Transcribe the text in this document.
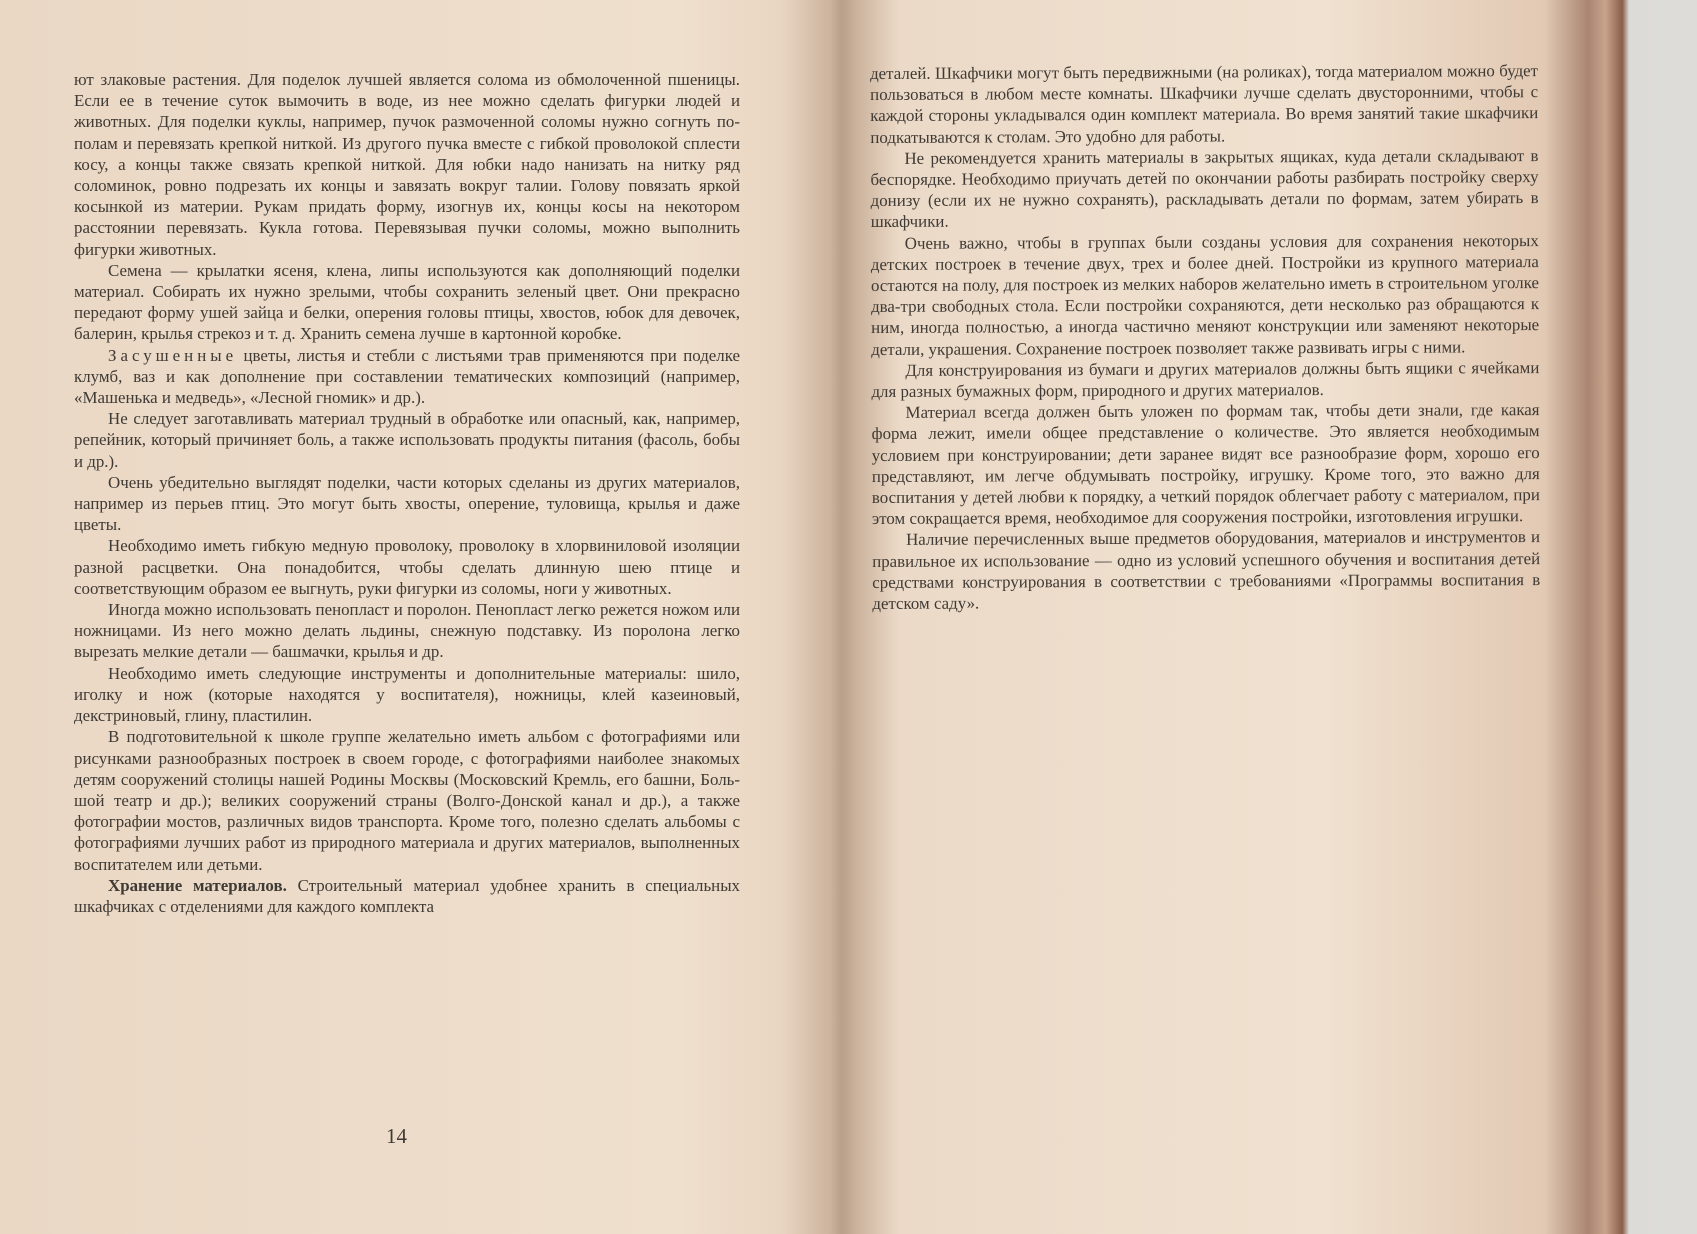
ют злаковые растения. Для поделок лучшей является солома из обмолоченной пшеницы. Если ее в течение суток вымочить в воде, из нее можно сделать фигурки людей и животных. Для поделки куклы, например, пучок размоченной соломы нужно согнуть пополам и перевязать крепкой ниткой. Из другого пучка вместе с гибкой проволокой сплести косу, а концы также связать крепкой ниткой. Для юбки надо нанизать на нитку ряд соломинок, ровно подрезать их концы и завязать вокруг талии. Голову повязать яркой косынкой из материи. Рукам придать форму, изогнув их, концы косы на некотором расстоянии перевязать. Кукла готова. Перевязывая пучки соломы, можно выполнить фигурки животных.

Семена — крылатки ясеня, клена, липы используются как дополняющий поделки материал. Собирать их нужно зрелыми, чтобы сохранить зеленый цвет. Они прекрасно передают форму ушей зайца и белки, оперения головы птицы, хвостов, юбок для девочек, балерин, крылья стрекоз и т. д. Хранить семена лучше в картонной коробке.

Засушенные цветы, листья и стебли с листьями трав применяются при поделке клумб, ваз и как дополнение при составлении тематических композиций (например, «Машенька и медведь», «Лесной гномик» и др.).

Не следует заготавливать материал трудный в обработке или опасный, как, например, репейник, который причиняет боль, а также использовать продукты питания (фасоль, бобы и др.).

Очень убедительно выглядят поделки, части которых сделаны из других материалов, например из перьев птиц. Это могут быть хвосты, оперение, туловища, крылья и даже цветы.

Необходимо иметь гибкую медную проволоку, проволоку в хлорвиниловой изоляции разной расцветки. Она понадобится, чтобы сделать длинную шею птице и соответствующим образом ее выгнуть, руки фигурки из соломы, ноги у животных.

Иногда можно использовать пенопласт и поролон. Пенопласт легко режется ножом или ножницами. Из него можно делать льдины, снежную подставку. Из поролона легко вырезать мелкие детали — башмачки, крылья и др.

Необходимо иметь следующие инструменты и дополнительные материалы: шило, иголку и нож (которые находятся у воспитателя), ножницы, клей казеиновый, декстриновый, глину, пластилин.

В подготовительной к школе группе желательно иметь альбом с фотографиями или рисунками разнообразных построек в своем городе, с фотографиями наиболее знакомых детям сооружений столицы нашей Родины Москвы (Московский Кремль, его башни, Большой театр и др.); великих сооружений страны (Волго-Донской канал и др.), а также фотографии мостов, различных видов транспорта. Кроме того, полезно сделать альбомы с фотографиями лучших работ из природного материала и других материалов, выполненных воспитателем или детьми.

Хранение материалов. Строительный материал удобнее хранить в специальных шкафчиках с отделениями для каждого комплекта

14

деталей. Шкафчики могут быть передвижными (на роликах), тогда материалом можно будет пользоваться в любом месте комнаты. Шкафчики лучше сделать двусторонними, чтобы с каждой стороны укладывался один комплект материала. Во время занятий такие шкафчики подкатываются к столам. Это удобно для работы.

Не рекомендуется хранить материалы в закрытых ящиках, куда детали складывают в беспорядке. Необходимо приучать детей по окончании работы разбирать постройку сверху донизу (если их не нужно сохранять), раскладывать детали по формам, затем убирать в шкафчики.

Очень важно, чтобы в группах были созданы условия для сохранения некоторых детских построек в течение двух, трех и более дней. Постройки из крупного материала остаются на полу, для построек из мелких наборов желательно иметь в строительном уголке два-три свободных стола. Если постройки сохраняются, дети несколько раз обращаются к ним, иногда полностью, а иногда частично меняют конструкции или заменяют некоторые детали, украшения. Сохранение построек позволяет также развивать игры с ними.

Для конструирования из бумаги и других материалов должны быть ящики с ячейками для разных бумажных форм, природного и других материалов.

Материал всегда должен быть уложен по формам так, чтобы дети знали, где какая форма лежит, имели общее представление о количестве. Это является необходимым условием при конструировании; дети заранее видят все разнообразие форм, хорошо его представляют, им легче обдумывать постройку, игрушку. Кроме того, это важно для воспитания у детей любви к порядку, а четкий порядок облегчает работу с материалом, при этом сокращается время, необходимое для сооружения постройки, изготовления игрушки.

Наличие перечисленных выше предметов оборудования, материалов и инструментов и правильное их использование — одно из условий успешного обучения и воспитания детей средствами конструирования в соответствии с требованиями «Программы воспитания в детском саду».
